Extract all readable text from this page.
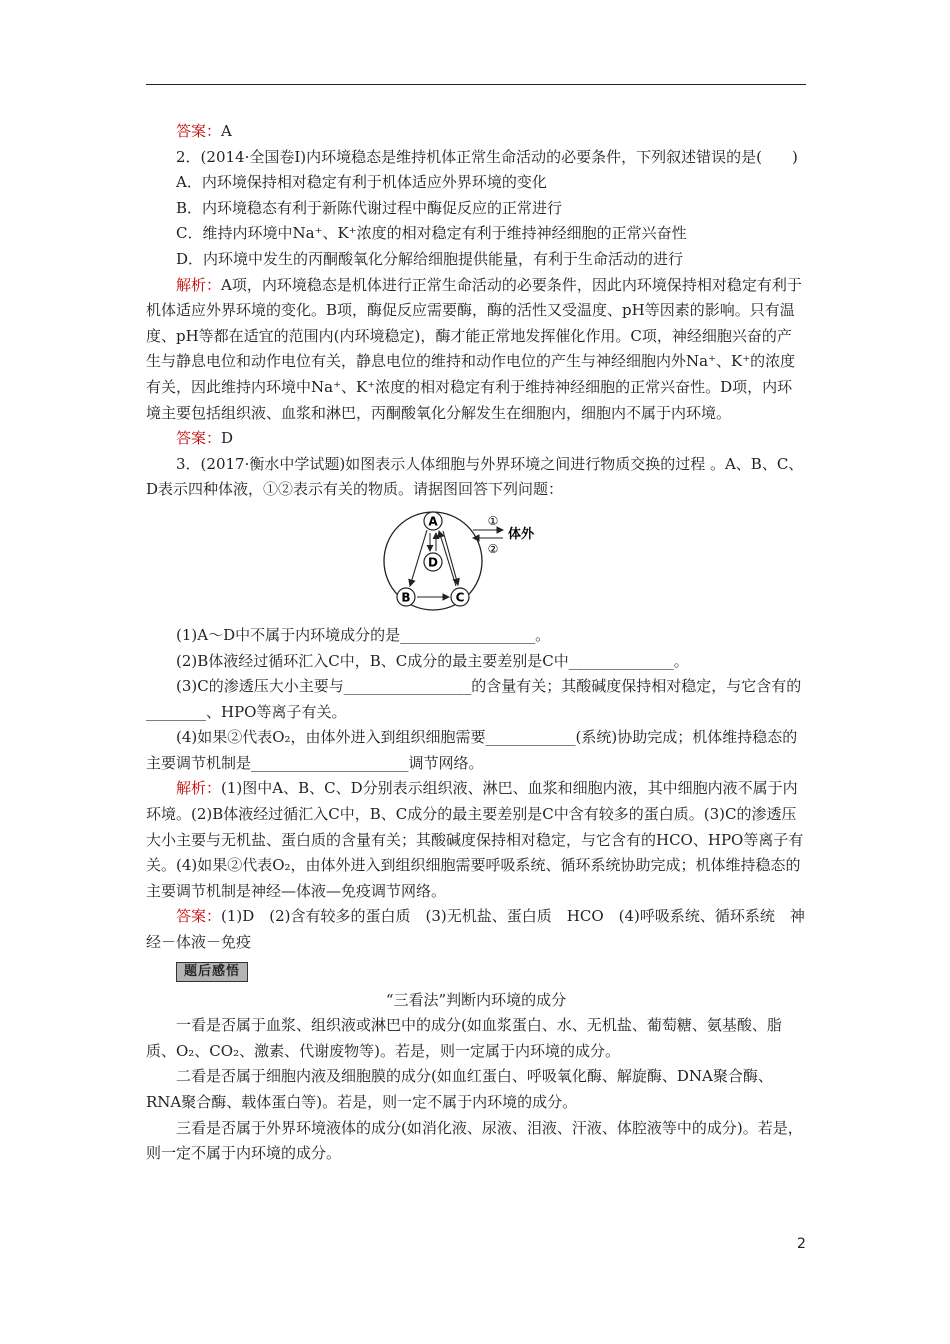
答案：A

2．(2014·全国卷Ⅰ)内环境稳态是维持机体正常生命活动的必要条件，下列叙述错误的是(　　)

A．内环境保持相对稳定有利于机体适应外界环境的变化

B．内环境稳态有利于新陈代谢过程中酶促反应的正常进行

C．维持内环境中Na⁺、K⁺浓度的相对稳定有利于维持神经细胞的正常兴奋性

D．内环境中发生的丙酮酸氧化分解给细胞提供能量，有利于生命活动的进行

解析：A项，内环境稳态是机体进行正常生命活动的必要条件，因此内环境保持相对稳定有利于机体适应外界环境的变化。B项，酶促反应需要酶，酶的活性又受温度、pH等因素的影响。只有温度、pH等都在适宜的范围内(内环境稳定)，酶才能正常地发挥催化作用。C项，神经细胞兴奋的产生与静息电位和动作电位有关，静息电位的维持和动作电位的产生与神经细胞内外Na⁺、K⁺的浓度有关，因此维持内环境中Na⁺、K⁺浓度的相对稳定有利于维持神经细胞的正常兴奋性。D项，内环境主要包括组织液、血浆和淋巴，丙酮酸氧化分解发生在细胞内，细胞内不属于内环境。

答案：D

3．(2017·衡水中学试题)如图表示人体细胞与外界环境之间进行物质交换的过程 。A、B、C、D表示四种体液，①②表示有关的物质。请据图回答下列问题：

A
D
B	C
①
②
体外

(1)A～D中不属于内环境成分的是__________________。

(2)B体液经过循环汇入C中，B、C成分的最主要差别是C中______________。

(3)C的渗透压大小主要与_________________的含量有关；其酸碱度保持相对稳定，与它含有的________、HPO等离子有关。

(4)如果②代表O₂，由体外进入到组织细胞需要____________(系统)协助完成；机体维持稳态的主要调节机制是_____________________调节网络。

解析：(1)图中A、B、C、D分别表示组织液、淋巴、血浆和细胞内液，其中细胞内液不属于内环境。(2)B体液经过循汇入C中，B、C成分的最主要差别是C中含有较多的蛋白质。(3)C的渗透压大小主要与无机盐、蛋白质的含量有关；其酸碱度保持相对稳定，与它含有的HCO、HPO等离子有关。(4)如果②代表O₂，由体外进入到组织细胞需要呼吸系统、循环系统协助完成；机体维持稳态的主要调节机制是神经—体液—免疫调节网络。

答案：(1)D　(2)含有较多的蛋白质　(3)无机盐、蛋白质　HCO　(4)呼吸系统、循环系统　神经－体液－免疫

题后感悟

“三看法”判断内环境的成分

一看是否属于血浆、组织液或淋巴中的成分(如血浆蛋白、水、无机盐、葡萄糖、氨基酸、脂质、O₂、CO₂、激素、代谢废物等)。若是，则一定属于内环境的成分。

二看是否属于细胞内液及细胞膜的成分(如血红蛋白、呼吸氧化酶、解旋酶、DNA聚合酶、RNA聚合酶、载体蛋白等)。若是，则一定不属于内环境的成分。

三看是否属于外界环境液体的成分(如消化液、尿液、泪液、汗液、体腔液等中的成分)。若是，则一定不属于内环境的成分。

2
